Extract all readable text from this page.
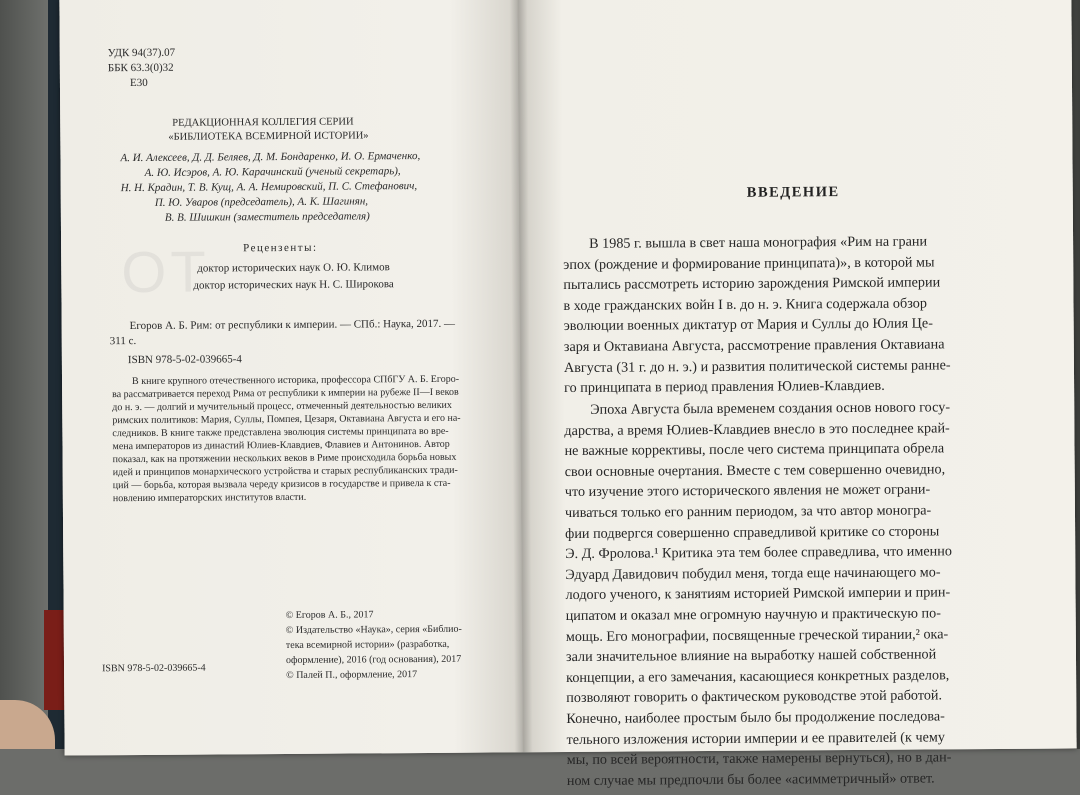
ОТ

УДК 94(37).07

ББК 63.3(0)32

Е30

РЕДАКЦИОННАЯ КОЛЛЕГИЯ СЕРИИ

«БИБЛИОТЕКА ВСЕМИРНОЙ ИСТОРИИ»

А. И. Алексеев, Д. Д. Беляев, Д. М. Бондаренко, И. О. Ермаченко,

А. Ю. Исэров, А. Ю. Карачинский (ученый секретарь),

Н. Н. Крадин, Т. В. Кущ, А. А. Немировский, П. С. Стефанович,

П. Ю. Уваров (председатель), А. К. Шагинян,

В. В. Шишкин (заместитель председателя)

Рецензенты:

доктор исторических наук О. Ю. Климов

доктор исторических наук Н. С. Широкова

Егоров А. Б. Рим: от республики к империи. — СПб.: Наука, 2017. —

311 с.

ISBN 978-5-02-039665-4

В книге крупного отечественного историка, профессора СПбГУ А. Б. Егоро-

ва рассматривается переход Рима от республики к империи на рубеже II—I веков

до н. э. — долгий и мучительный процесс, отмеченный деятельностью великих

римских политиков: Мария, Суллы, Помпея, Цезаря, Октавиана Августа и его на-

следников. В книге также представлена эволюция системы принципата во вре-

мена императоров из династий Юлиев-Клавдиев, Флавиев и Антонинов. Автор

показал, как на протяжении нескольких веков в Риме происходила борьба новых

идей и принципов монархического устройства и старых республиканских тради-

ций — борьба, которая вызвала череду кризисов в государстве и привела к ста-

новлению императорских институтов власти.

© Егоров А. Б., 2017

© Издательство «Наука», серия «Библио-

тека всемирной истории» (разработка,

оформление), 2016 (год основания), 2017

© Палей П., оформление, 2017

ISBN 978-5-02-039665-4

ВВЕДЕНИЕ

В 1985 г. вышла в свет наша монография «Рим на грани

эпох (рождение и формирование принципата)», в которой мы

пытались рассмотреть историю зарождения Римской империи

в ходе гражданских войн I в. до н. э. Книга содержала обзор

эволюции военных диктатур от Мария и Суллы до Юлия Це-

заря и Октавиана Августа, рассмотрение правления Октавиана

Августа (31 г. до н. э.) и развития политической системы ранне-

го принципата в период правления Юлиев-Клавдиев.

Эпоха Августа была временем создания основ нового госу-

дарства, а время Юлиев-Клавдиев внесло в это последнее край-

не важные коррективы, после чего система принципата обрела

свои основные очертания. Вместе с тем совершенно очевидно,

что изучение этого исторического явления не может ограни-

чиваться только его ранним периодом, за что автор моногра-

фии подвергся совершенно справедливой критике со стороны

Э. Д. Фролова.¹ Критика эта тем более справедлива, что именно

Эдуард Давидович побудил меня, тогда еще начинающего мо-

лодого ученого, к занятиям историей Римской империи и прин-

ципатом и оказал мне огромную научную и практическую по-

мощь. Его монографии, посвященные греческой тирании,² ока-

зали значительное влияние на выработку нашей собственной

концепции, а его замечания, касающиеся конкретных разделов,

позволяют говорить о фактическом руководстве этой работой.

Конечно, наиболее простым было бы продолжение последова-

тельного изложения истории империи и ее правителей (к чему

мы, по всей вероятности, также намерены вернуться), но в дан-

ном случае мы предпочли бы более «асимметричный» ответ.
